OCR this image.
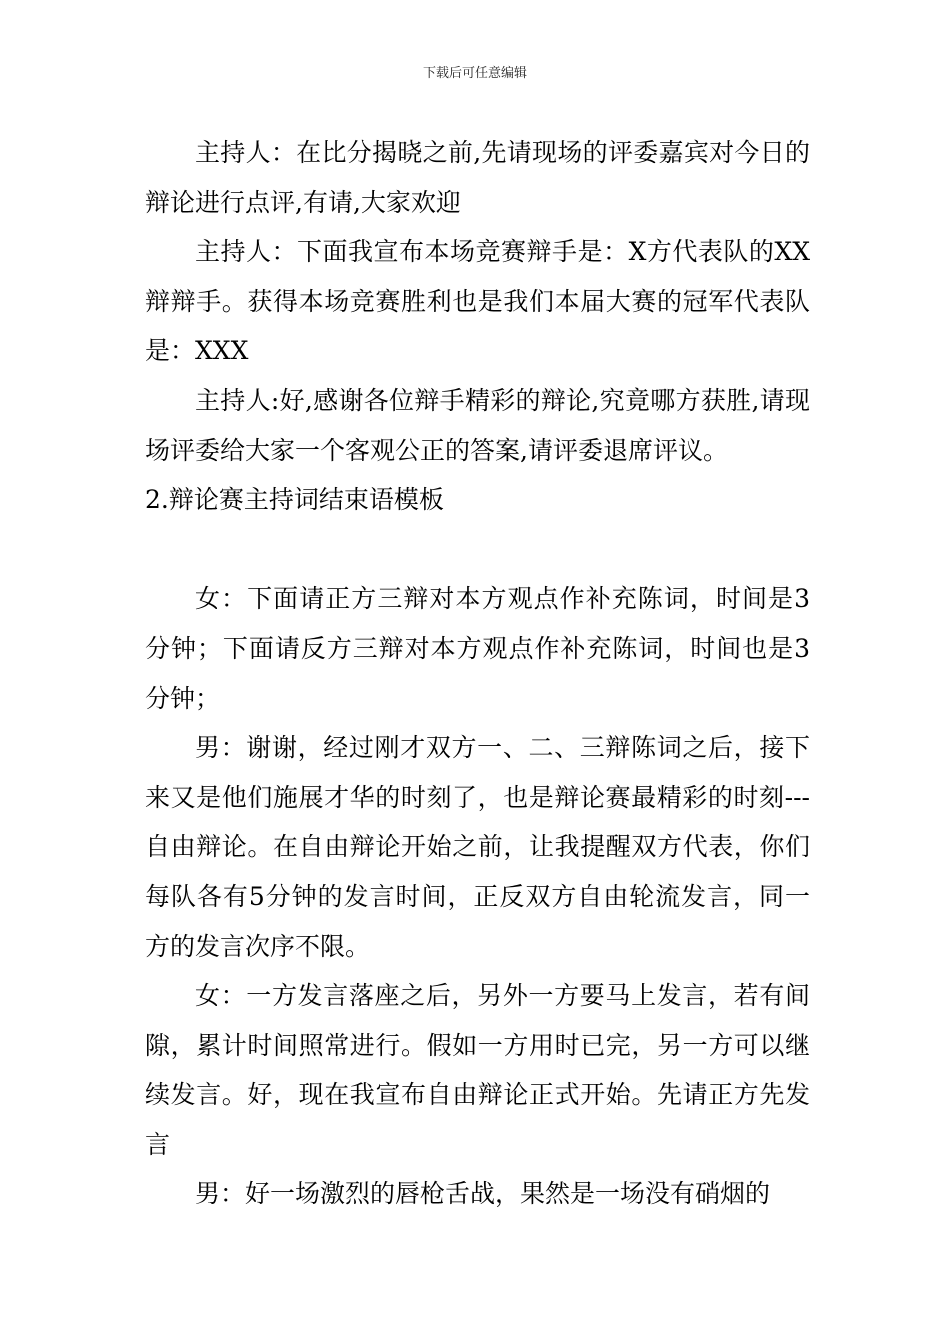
下载后可任意编辑

主持人：在比分揭晓之前,先请现场的评委嘉宾对今日的辩论进行点评,有请,大家欢迎

主持人：下面我宣布本场竞赛辩手是：X方代表队的XX辩辩手。获得本场竞赛胜利也是我们本届大赛的冠军代表队是：XXX

主持人:好,感谢各位辩手精彩的辩论,究竟哪方获胜,请现场评委给大家一个客观公正的答案,请评委退席评议。

2.辩论赛主持词结束语模板

女：下面请正方三辩对本方观点作补充陈词，时间是3分钟；下面请反方三辩对本方观点作补充陈词，时间也是3分钟；

男：谢谢，经过刚才双方一、二、三辩陈词之后，接下来又是他们施展才华的时刻了，也是辩论赛最精彩的时刻---自由辩论。在自由辩论开始之前，让我提醒双方代表，你们每队各有5分钟的发言时间，正反双方自由轮流发言，同一方的发言次序不限。

女：一方发言落座之后，另外一方要马上发言，若有间隙，累计时间照常进行。假如一方用时已完，另一方可以继续发言。好，现在我宣布自由辩论正式开始。先请正方先发言

男：好一场激烈的唇枪舌战，果然是一场没有硝烟的
